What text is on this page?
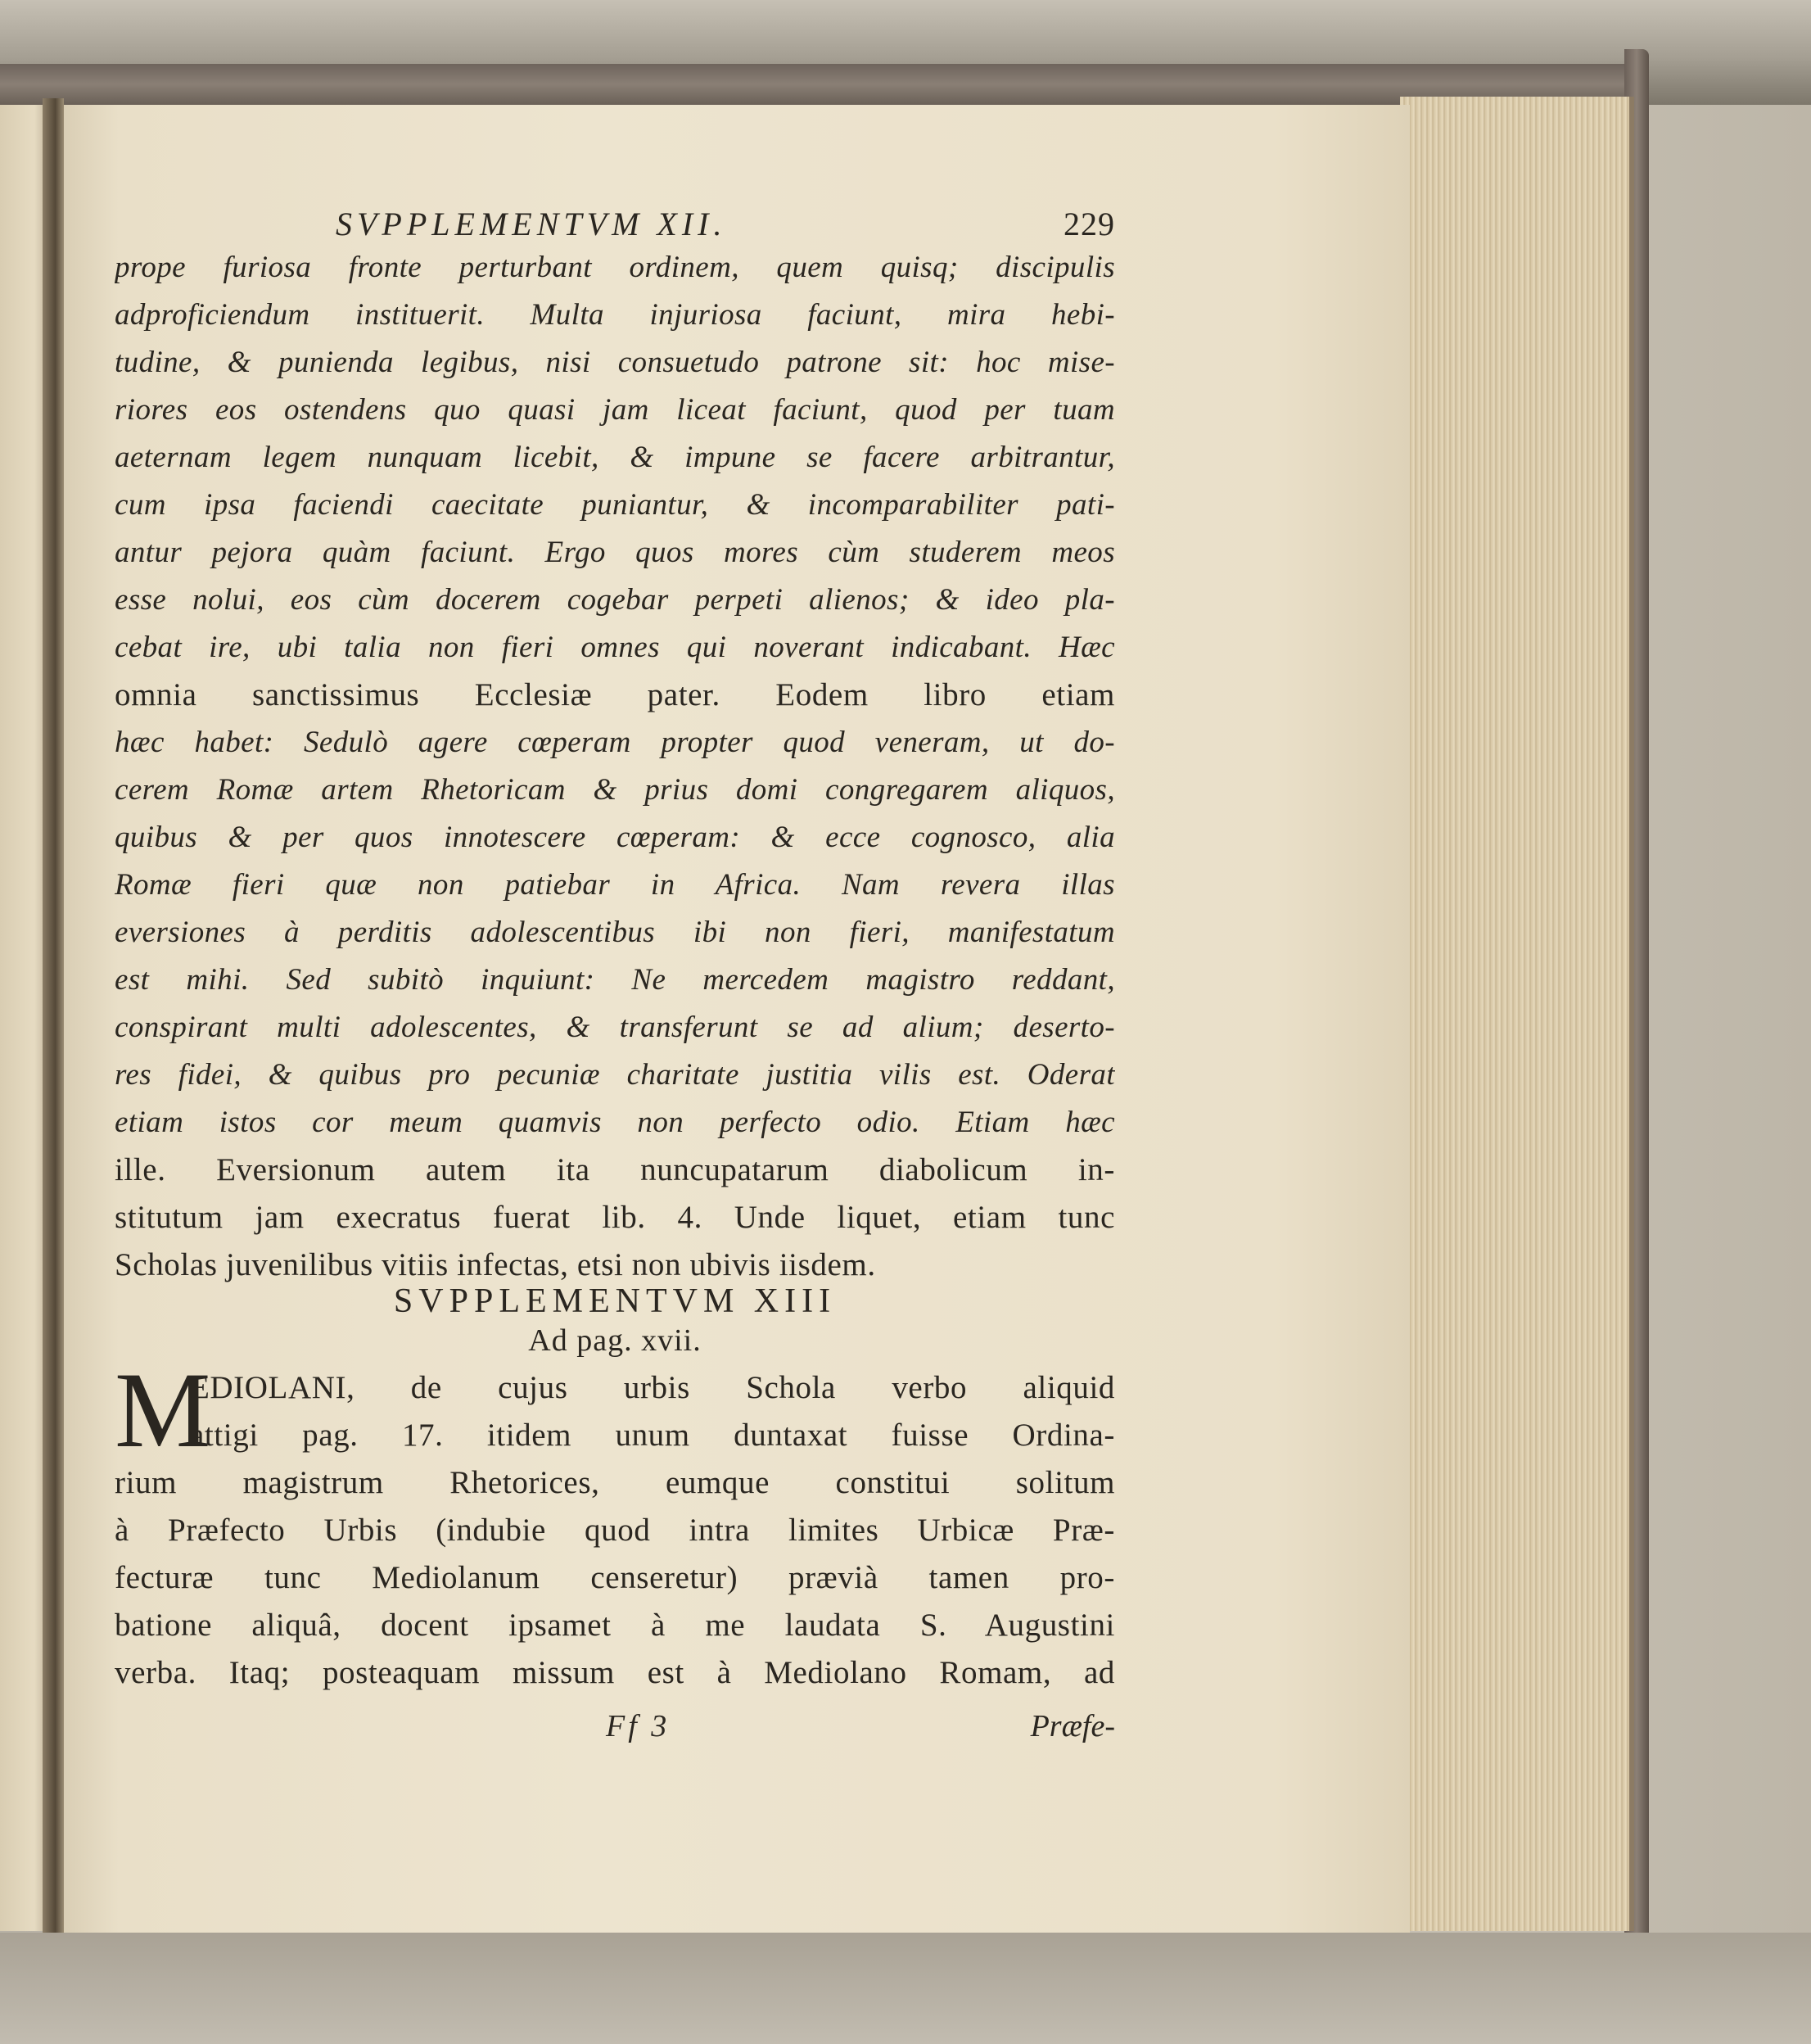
SVPPLEMENTVM XII.	229
prope furiosa fronte perturbant ordinem, quem quisq; discipulis
adproficiendum instituerit. Multa injuriosa faciunt, mira hebi-
tudine, & punienda legibus, nisi consuetudo patrone sit: hoc mise-
riores eos ostendens quo quasi jam liceat faciunt, quod per tuam
aeternam legem nunquam licebit, & impune se facere arbitrantur,
cum ipsa faciendi caecitate puniantur, & incomparabiliter pati-
antur pejora quàm faciunt. Ergo quos mores cùm studerem meos
esse nolui, eos cùm docerem cogebar perpeti alienos; & ideo pla-
cebat ire, ubi talia non fieri omnes qui noverant indicabant. Hæc
omnia sanctissimus Ecclesiæ pater. Eodem libro etiam
hæc habet: Sedulò agere cœperam propter quod veneram, ut do-
cerem Romæ artem Rhetoricam & prius domi congregarem aliquos,
quibus & per quos innotescere cœperam: & ecce cognosco, alia
Romæ fieri quæ non patiebar in Africa. Nam revera illas
eversiones à perditis adolescentibus ibi non fieri, manifestatum
est mihi. Sed subitò inquiunt: Ne mercedem magistro reddant,
conspirant multi adolescentes, & transferunt se ad alium; deserto-
res fidei, & quibus pro pecuniæ charitate justitia vilis est. Oderat
etiam istos cor meum quamvis non perfecto odio. Etiam hæc
ille. Eversionum autem ita nuncupatarum diabolicum in-
stitutum jam execratus fuerat lib. 4. Unde liquet, etiam tunc
Scholas juvenilibus vitiis infectas, etsi non ubivis iisdem.
SVPPLEMENTVM XIII
Ad pag. xvii.
M
EDIOLANI, de cujus urbis Schola verbo aliquid
attigi pag. 17. itidem unum duntaxat fuisse Ordina-
rium magistrum Rhetorices, eumque constitui solitum
à Præfecto Urbis (indubie quod intra limites Urbicæ Præ-
fecturæ tunc Mediolanum censeretur) prævià tamen pro-
batione aliquâ, docent ipsamet à me laudata S. Augustini
verba. Itaq; posteaquam missum est à Mediolano Romam, ad
Ff 3	Præfe-
